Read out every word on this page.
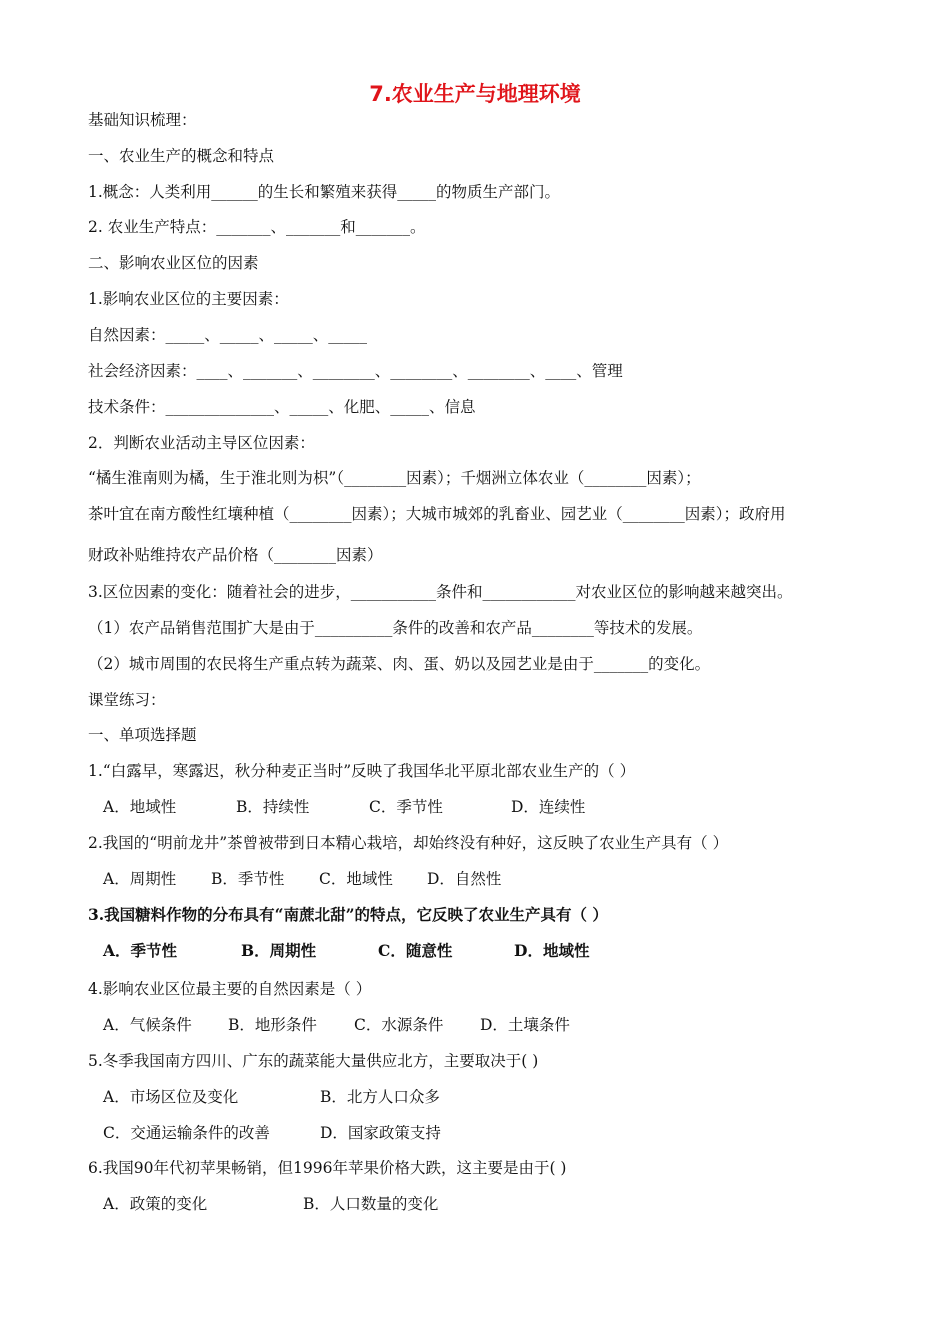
7.农业生产与地理环境
基础知识梳理：
一、农业生产的概念和特点
1.概念：人类利用______的生长和繁殖来获得_____的物质生产部门。
2. 农业生产特点：_______、_______和_______。
二、影响农业区位的因素
1.影响农业区位的主要因素：
自然因素：_____、_____、_____、_____
社会经济因素：____、_______、________、________、________、____、管理
技术条件：______________、_____、化肥、_____、信息
2．判断农业活动主导区位因素：
“橘生淮南则为橘，生于淮北则为枳”（________因素）；千烟洲立体农业（________因素）；
茶叶宜在南方酸性红壤种植（________因素）；大城市城郊的乳畜业、园艺业（________因素）；政府用
财政补贴维持农产品价格（________因素）
3.区位因素的变化：随着社会的进步，___________条件和____________对农业区位的影响越来越突出。
（1）农产品销售范围扩大是由于__________条件的改善和农产品________等技术的发展。
（2）城市周围的农民将生产重点转为蔬菜、肉、蛋、奶以及园艺业是由于_______的变化。
课堂练习：
一、单项选择题
1.“白露早，寒露迟，秋分种麦正当时”反映了我国华北平原北部农业生产的（ ）
A．地域性	B．持续性	C．季节性	D．连续性
2.我国的“明前龙井”茶曾被带到日本精心栽培，却始终没有种好，这反映了农业生产具有（ ）
A．周期性 B．季节性 C．地域性 D．自然性
3.我国糖料作物的分布具有“南蔗北甜”的特点，它反映了农业生产具有（ ）
A．季节性	B．周期性	C．随意性	D．地域性
4.影响农业区位最主要的自然因素是（ ）
A．气候条件 B．地形条件 C．水源条件 D．土壤条件
5.冬季我国南方四川、广东的蔬菜能大量供应北方，主要取决于( )
A．市场区位及变化	B．北方人口众多
C．交通运输条件的改善	D．国家政策支持
6.我国90年代初苹果畅销，但1996年苹果价格大跌，这主要是由于( )
A．政策的变化	B．人口数量的变化
